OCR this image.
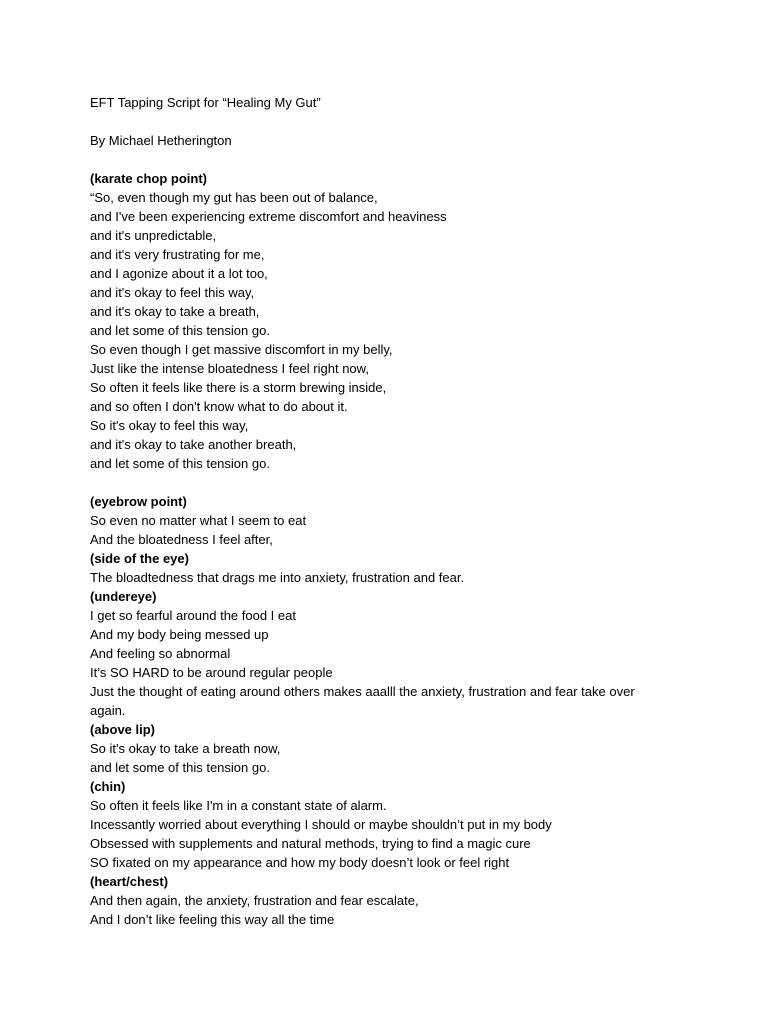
EFT Tapping Script for “Healing My Gut”
By Michael Hetherington
(karate chop point)
“So, even though my gut has been out of balance,
and I've been experiencing extreme discomfort and heaviness
and it's unpredictable,
and it's very frustrating for me,
and I agonize about it a lot too,
and it's okay to feel this way,
and it's okay to take a breath,
and let some of this tension go.
So even though I get massive discomfort in my belly,
Just like the intense bloatedness I feel right now,
So often it feels like there is a storm brewing inside,
and so often I don't know what to do about it.
So it's okay to feel this way,
and it's okay to take another breath,
and let some of this tension go.
(eyebrow point)
So even no matter what I seem to eat
And the bloatedness I feel after,
(side of the eye)
The bloadtedness that drags me into anxiety, frustration and fear.
(undereye)
I get so fearful around the food I eat
And my body being messed up
And feeling so abnormal
It’s SO HARD to be around regular people
Just the thought of eating around others makes aaalll the anxiety, frustration and fear take over
again.
(above lip)
So it's okay to take a breath now,
and let some of this tension go.
(chin)
So often it feels like I'm in a constant state of alarm.
Incessantly worried about everything I should or maybe shouldn’t put in my body
Obsessed with supplements and natural methods, trying to find a magic cure
SO fixated on my appearance and how my body doesn’t look or feel right
(heart/chest)
And then again, the anxiety, frustration and fear escalate,
And I don’t like feeling this way all the time
